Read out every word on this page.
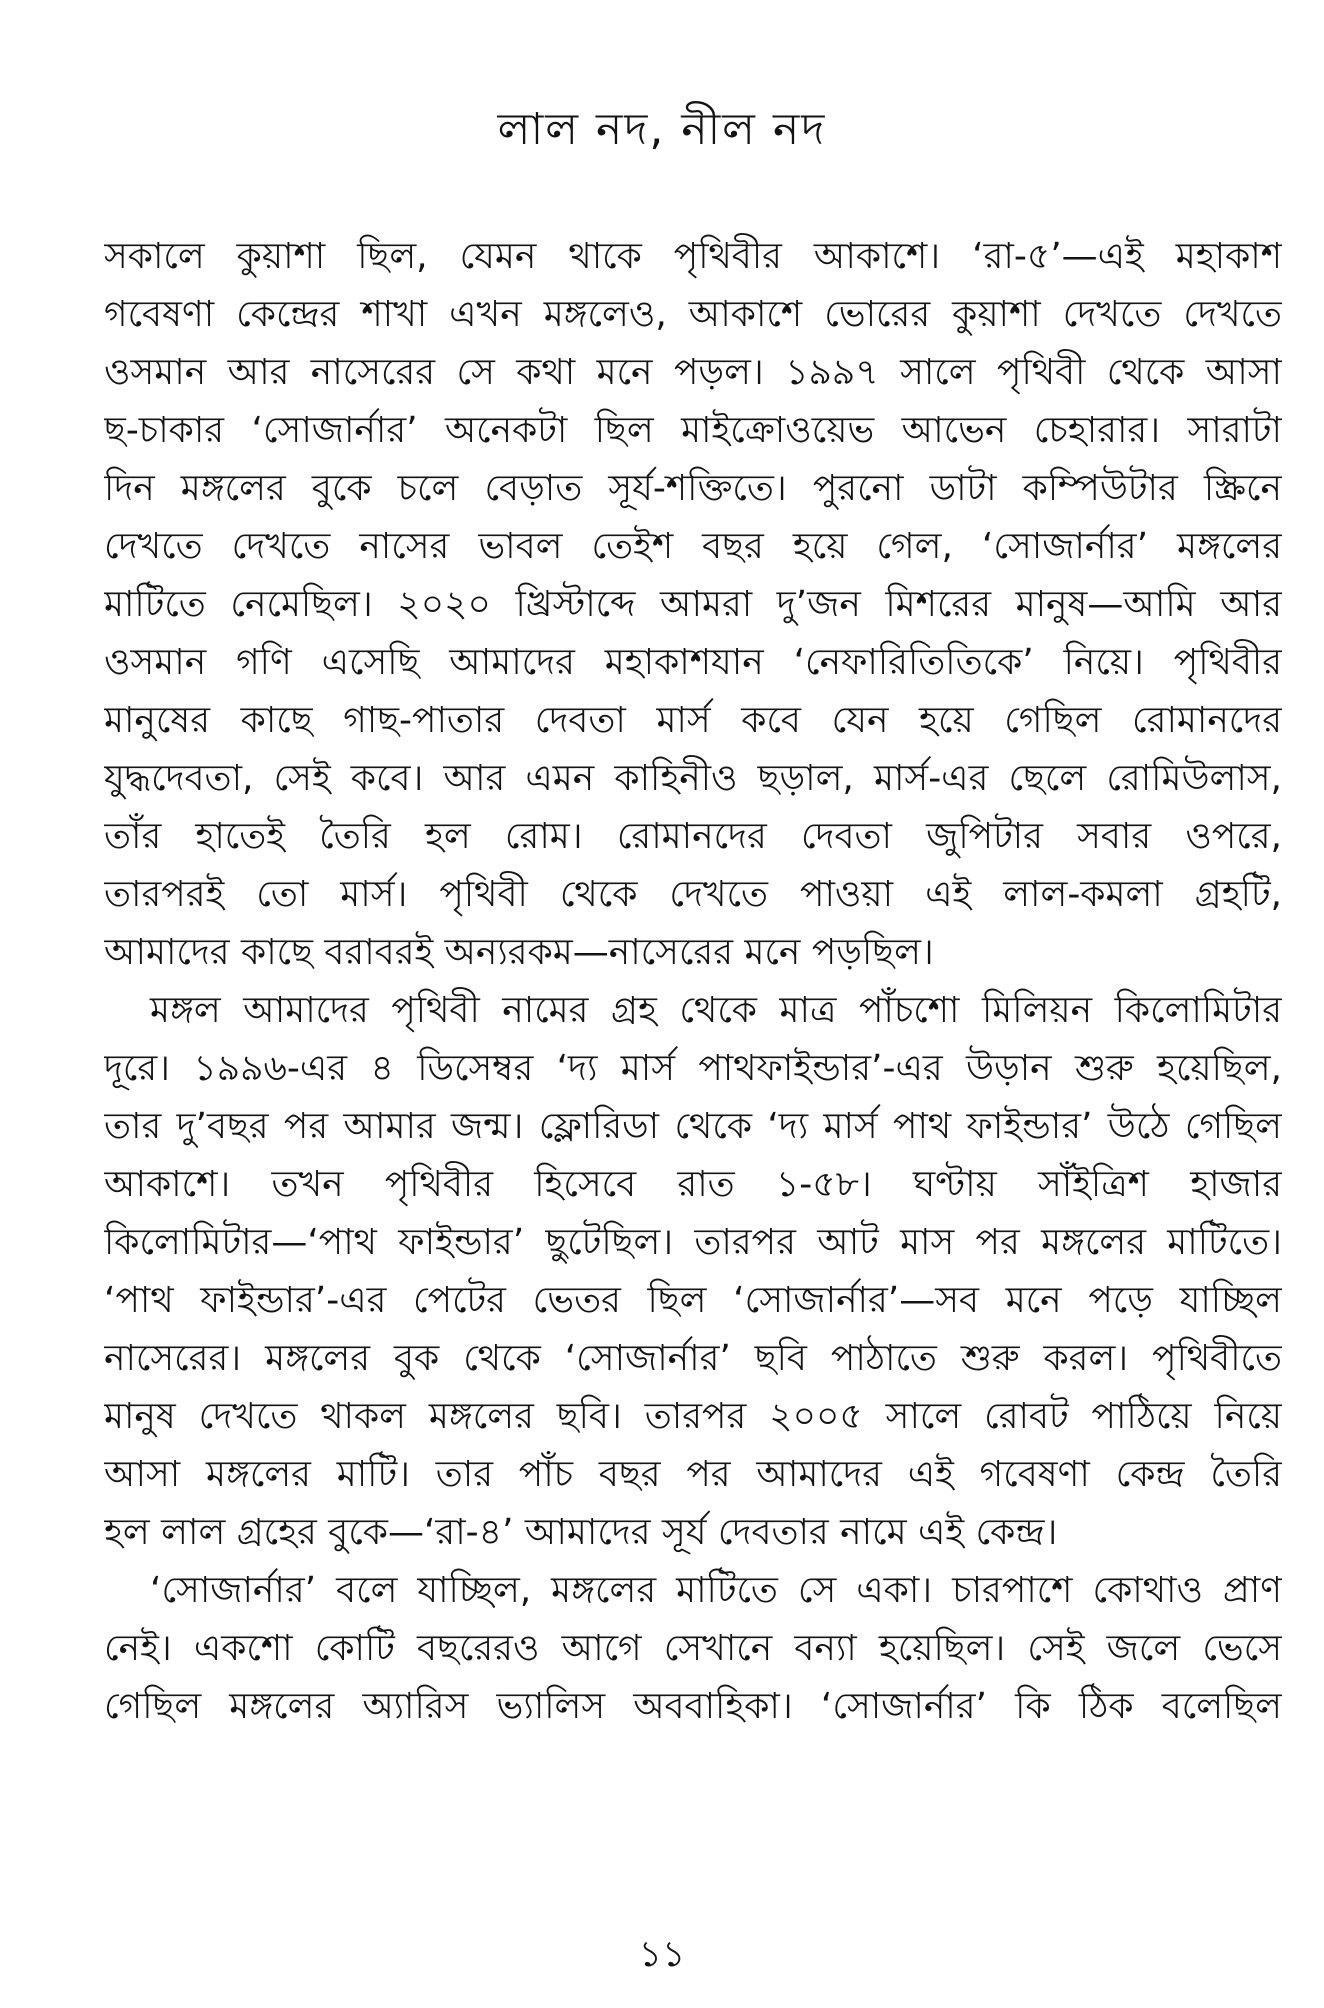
লাল নদ, নীল নদ
সকালে কুয়াশা ছিল, যেমন থাকে পৃথিবীর আকাশে। ‘রা-৫’—এই মহাকাশ
গবেষণা কেন্দ্রের শাখা এখন মঙ্গলেও, আকাশে ভোরের কুয়াশা দেখতে দেখতে
ওসমান আর নাসেরের সে কথা মনে পড়ল। ১৯৯৭ সালে পৃথিবী থেকে আসা
ছ-চাকার ‘সোজার্নার’ অনেকটা ছিল মাইক্রোওয়েভ আভেন চেহারার। সারাটা
দিন মঙ্গলের বুকে চলে বেড়াত সূর্য-শক্তিতে। পুরনো ডাটা কম্পিউটার স্ক্রিনে
দেখতে দেখতে নাসের ভাবল তেইশ বছর হয়ে গেল, ‘সোজার্নার’ মঙ্গলের
মাটিতে নেমেছিল। ২০২০ খ্রিস্টাব্দে আমরা দু’জন মিশরের মানুষ—আমি আর
ওসমান গণি এসেছি আমাদের মহাকাশযান ‘নেফারিতিতিকে’ নিয়ে। পৃথিবীর
মানুষের কাছে গাছ-পাতার দেবতা মার্স কবে যেন হয়ে গেছিল রোমানদের
যুদ্ধদেবতা, সেই কবে। আর এমন কাহিনীও ছড়াল, মার্স-এর ছেলে রোমিউলাস,
তাঁর হাতেই তৈরি হল রোম। রোমানদের দেবতা জুপিটার সবার ওপরে,
তারপরই তো মার্স। পৃথিবী থেকে দেখতে পাওয়া এই লাল-কমলা গ্রহটি,
আমাদের কাছে বরাবরই অন্যরকম—নাসেরের মনে পড়ছিল।
মঙ্গল আমাদের পৃথিবী নামের গ্রহ থেকে মাত্র পাঁচশো মিলিয়ন কিলোমিটার
দূরে। ১৯৯৬-এর ৪ ডিসেম্বর ‘দ্য মার্স পাথফাইন্ডার’-এর উড়ান শুরু হয়েছিল,
তার দু’বছর পর আমার জন্ম। ফ্লোরিডা থেকে ‘দ্য মার্স পাথ ফাইন্ডার’ উঠে গেছিল
আকাশে। তখন পৃথিবীর হিসেবে রাত ১-৫৮। ঘণ্টায় সাঁইত্রিশ হাজার
কিলোমিটার—‘পাথ ফাইন্ডার’ ছুটেছিল। তারপর আট মাস পর মঙ্গলের মাটিতে।
‘পাথ ফাইন্ডার’-এর পেটের ভেতর ছিল ‘সোজার্নার’—সব মনে পড়ে যাচ্ছিল
নাসেরের। মঙ্গলের বুক থেকে ‘সোজার্নার’ ছবি পাঠাতে শুরু করল। পৃথিবীতে
মানুষ দেখতে থাকল মঙ্গলের ছবি। তারপর ২০০৫ সালে রোবট পাঠিয়ে নিয়ে
আসা মঙ্গলের মাটি। তার পাঁচ বছর পর আমাদের এই গবেষণা কেন্দ্র তৈরি
হল লাল গ্রহের বুকে—‘রা-৪’ আমাদের সূর্য দেবতার নামে এই কেন্দ্র।
‘সোজার্নার’ বলে যাচ্ছিল, মঙ্গলের মাটিতে সে একা। চারপাশে কোথাও প্রাণ
নেই। একশো কোটি বছরেরও আগে সেখানে বন্যা হয়েছিল। সেই জলে ভেসে
গেছিল মঙ্গলের অ্যারিস ভ্যালিস অববাহিকা। ‘সোজার্নার’ কি ঠিক বলেছিল
১১
